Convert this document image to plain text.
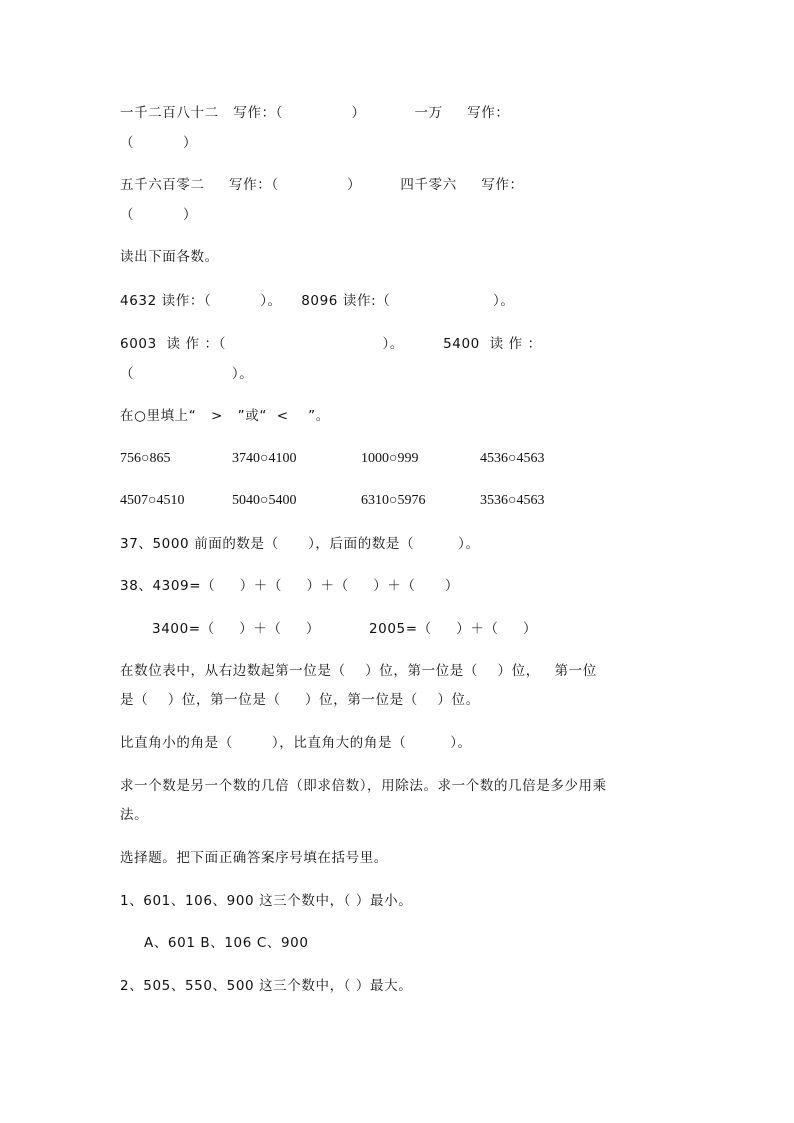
一千二百八十二   写作：（              ）          一万     写作：
（          ）
五千六百零二     写作：（              ）        四千零六     写作：
（          ）
读出下面各数。
4632 读作：（          ）。    8096 读作:（                     ）。
6003  读 作 ：（                                ）。        5400  读 作 ：
（                    ）。
在○里填上“   >   ”或“  <    ”。
756○865	3740○4100	1000○999	4536○4563
4507○4510	5040○5400	6310○5976	3536○4563
37、5000 前面的数是（      ），后面的数是（         ）。
38、4309=（     ）＋（     ）＋（     ）＋（      ）
3400=（     ）＋（     ）          2005=（     ）＋（     ）
在数位表中，从右边数起第一位是（    ）位，第一位是（    ）位，   第一位
是（    ）位，第一位是（     ）位，第一位是（    ）位。
比直角小的角是（        ），比直角大的角是（         ）。
求一个数是另一个数的几倍（即求倍数），用除法。求一个数的几倍是多少用乘
法。
选择题。把下面正确答案序号填在括号里。
1、601、106、900 这三个数中，（ ）最小。
A、601 B、106 C、900
2、505、550、500 这三个数中，（ ）最大。
